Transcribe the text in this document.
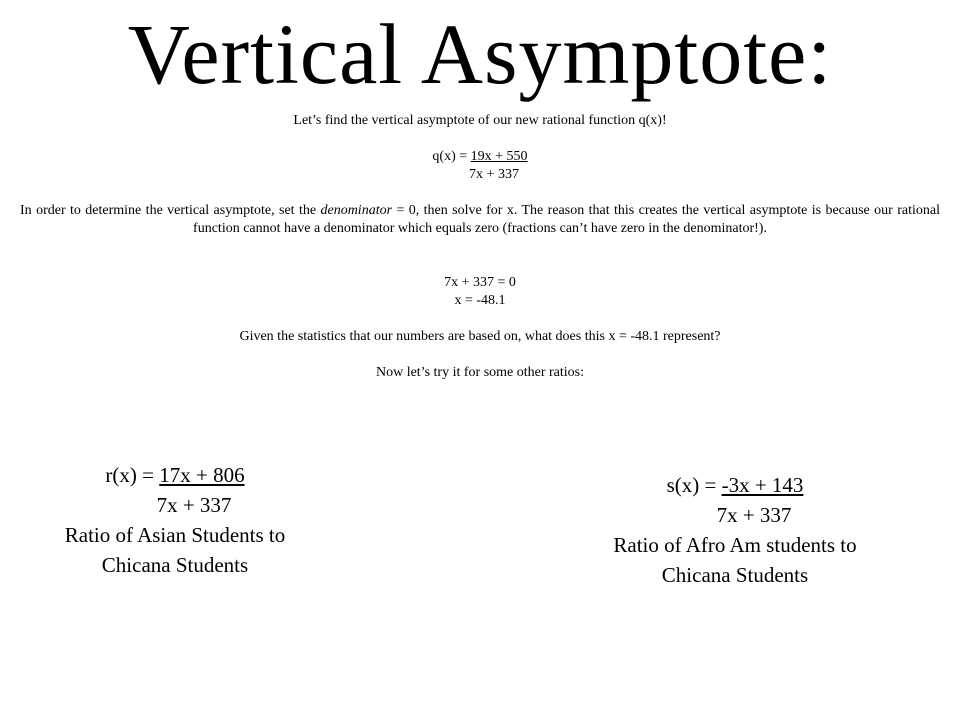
Vertical Asymptote:

Let’s find the vertical asymptote of our new rational function q(x)!

q(x) = 19x + 550

7x + 337

In order to determine the vertical asymptote, set the denominator = 0, then solve for x. The reason that this creates the vertical asymptote is because our rational function cannot have a denominator which equals zero (fractions can’t have zero in the denominator!).

7x + 337 = 0

x = -48.1

Given the statistics that our numbers are based on, what does this x = -48.1 represent?

Now let’s try it for some other ratios:

r(x) = 17x + 806
7x + 337
Ratio of Asian Students to Chicana Students
s(x) = -3x + 143
7x + 337
Ratio of Afro Am students to Chicana Students
